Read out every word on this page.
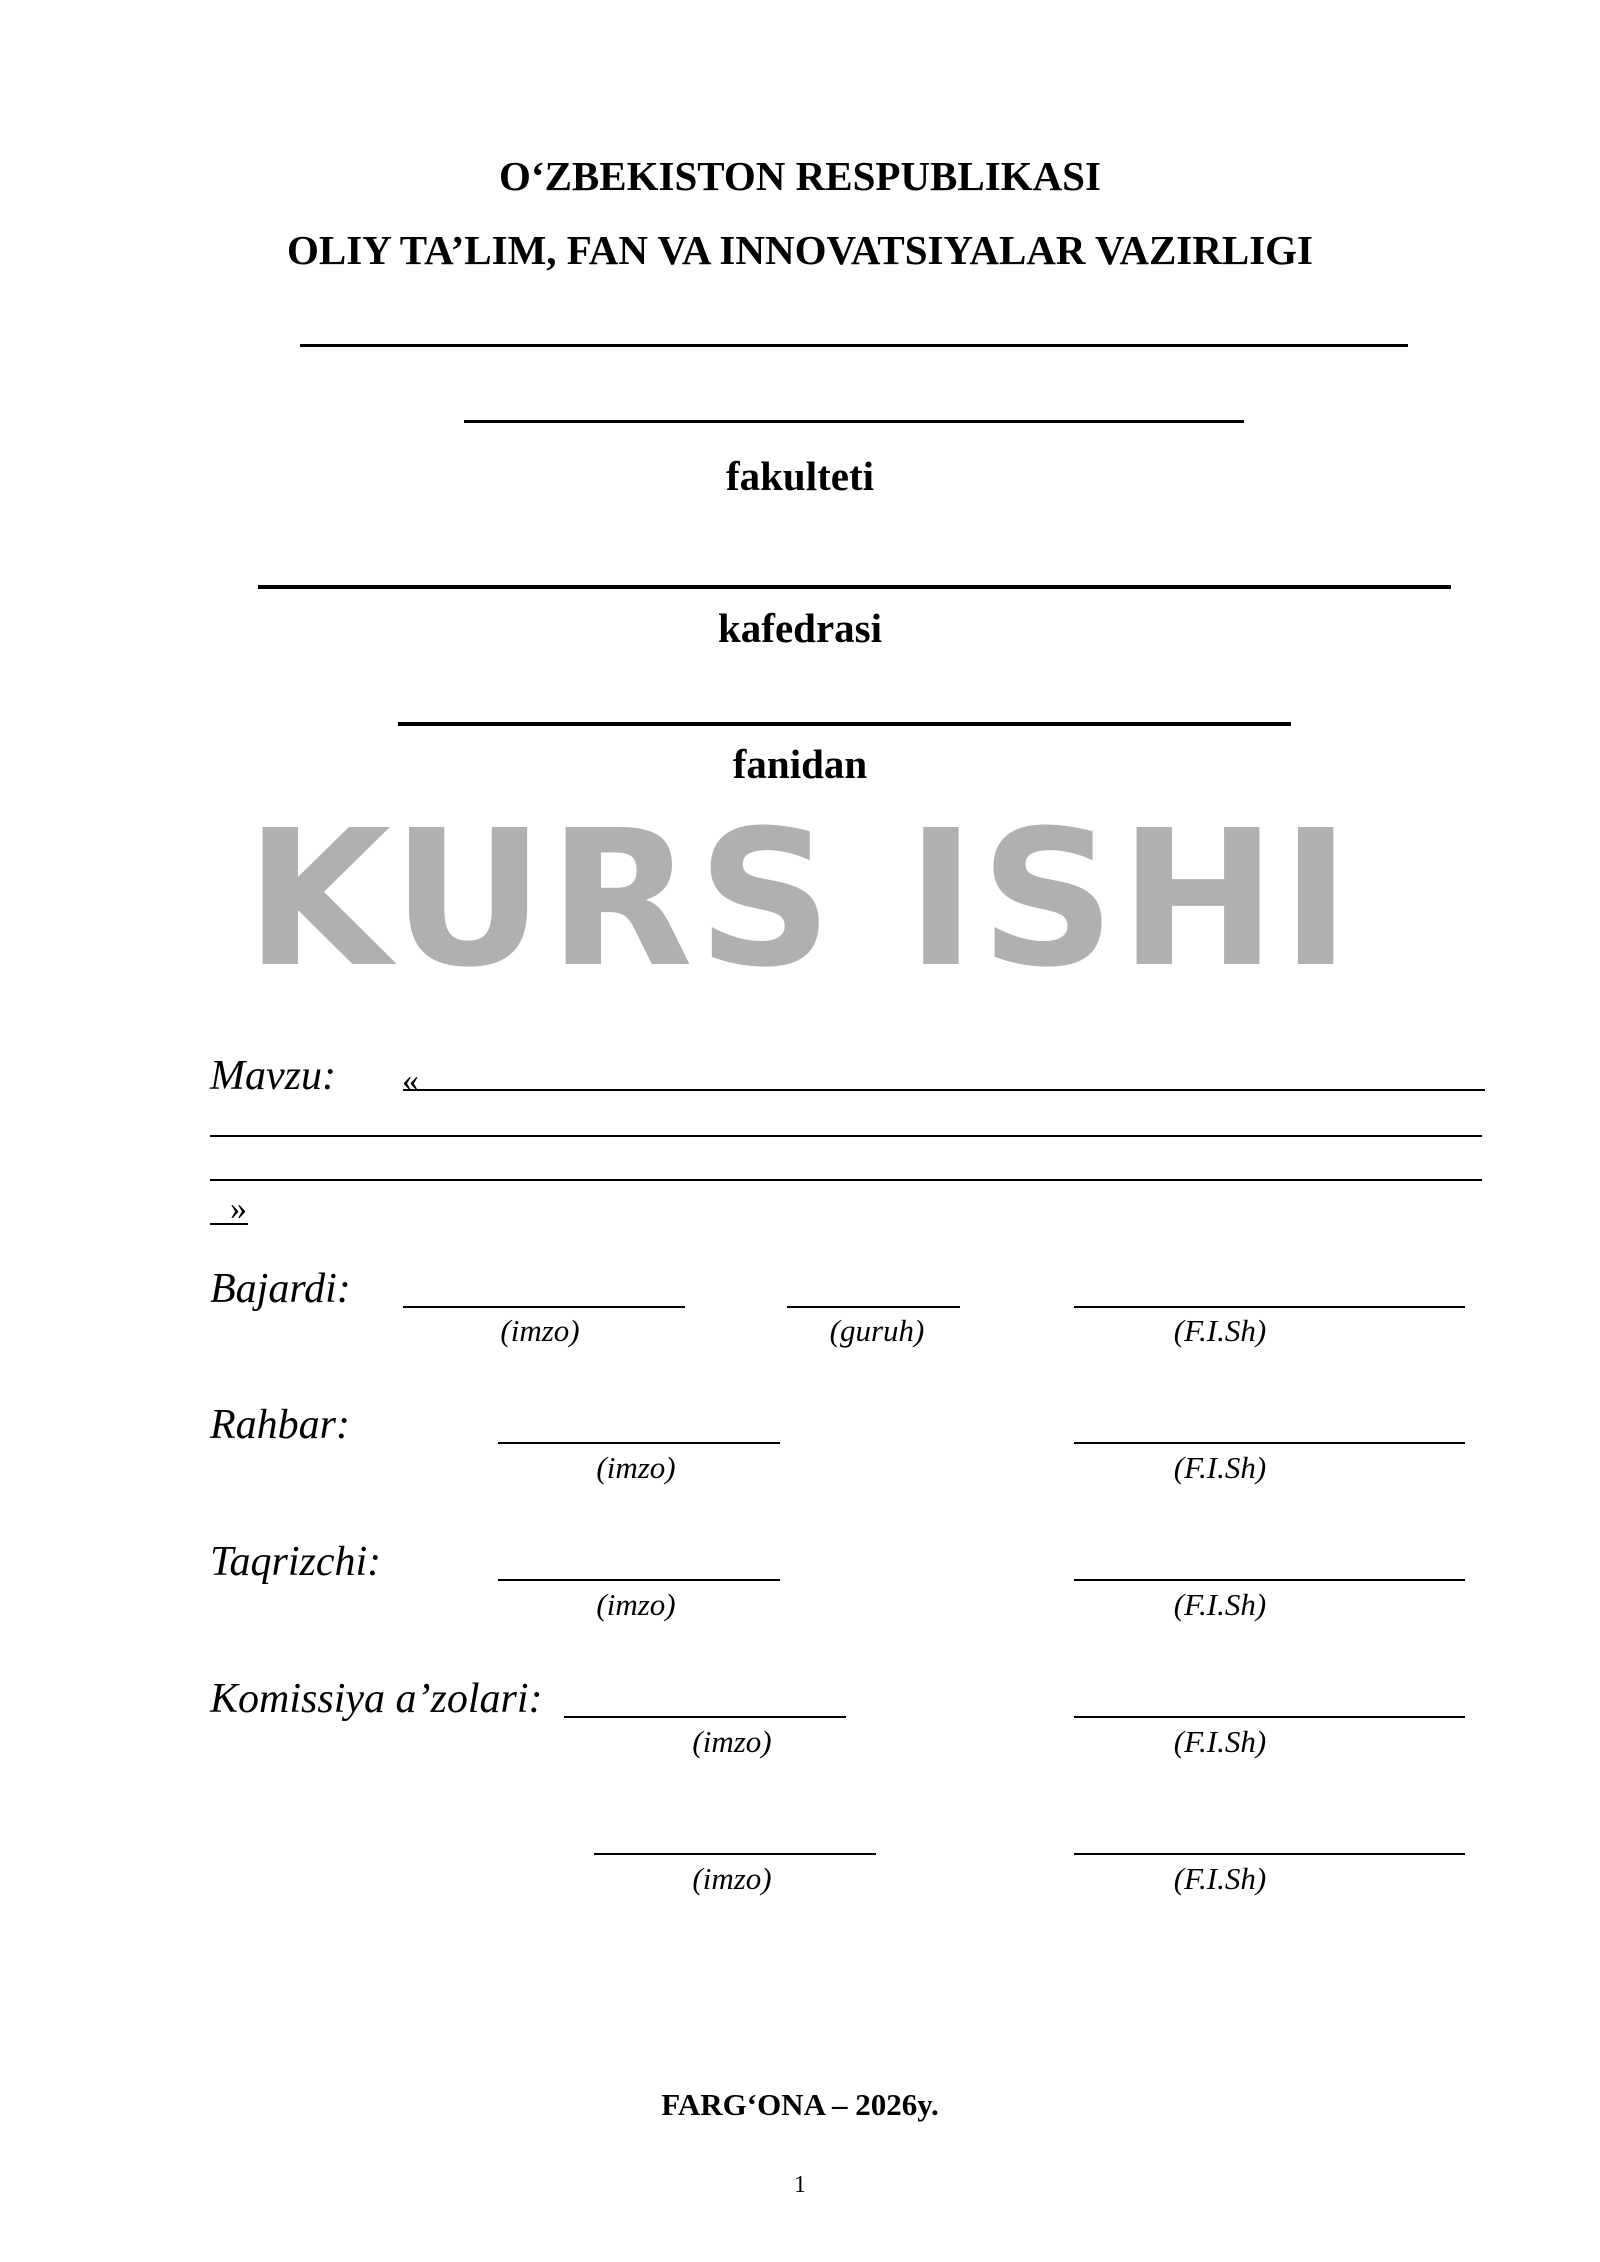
O‘ZBEKISTON RESPUBLIKASI
OLIY TA’LIM, FAN VA INNOVATSIYALAR VAZIRLIGI
fakulteti
kafedrasi
fanidan
KURS ISHI
Mavzu: «
»
Bajardi:
(imzo)	(guruh)	(F.I.Sh)
Rahbar:
(imzo)	(F.I.Sh)
Taqrizchi:
(imzo)	(F.I.Sh)
Komissiya a’zolari:
(imzo)	(F.I.Sh)
(imzo)	(F.I.Sh)
FARG‘ONA – 2026y.
1
